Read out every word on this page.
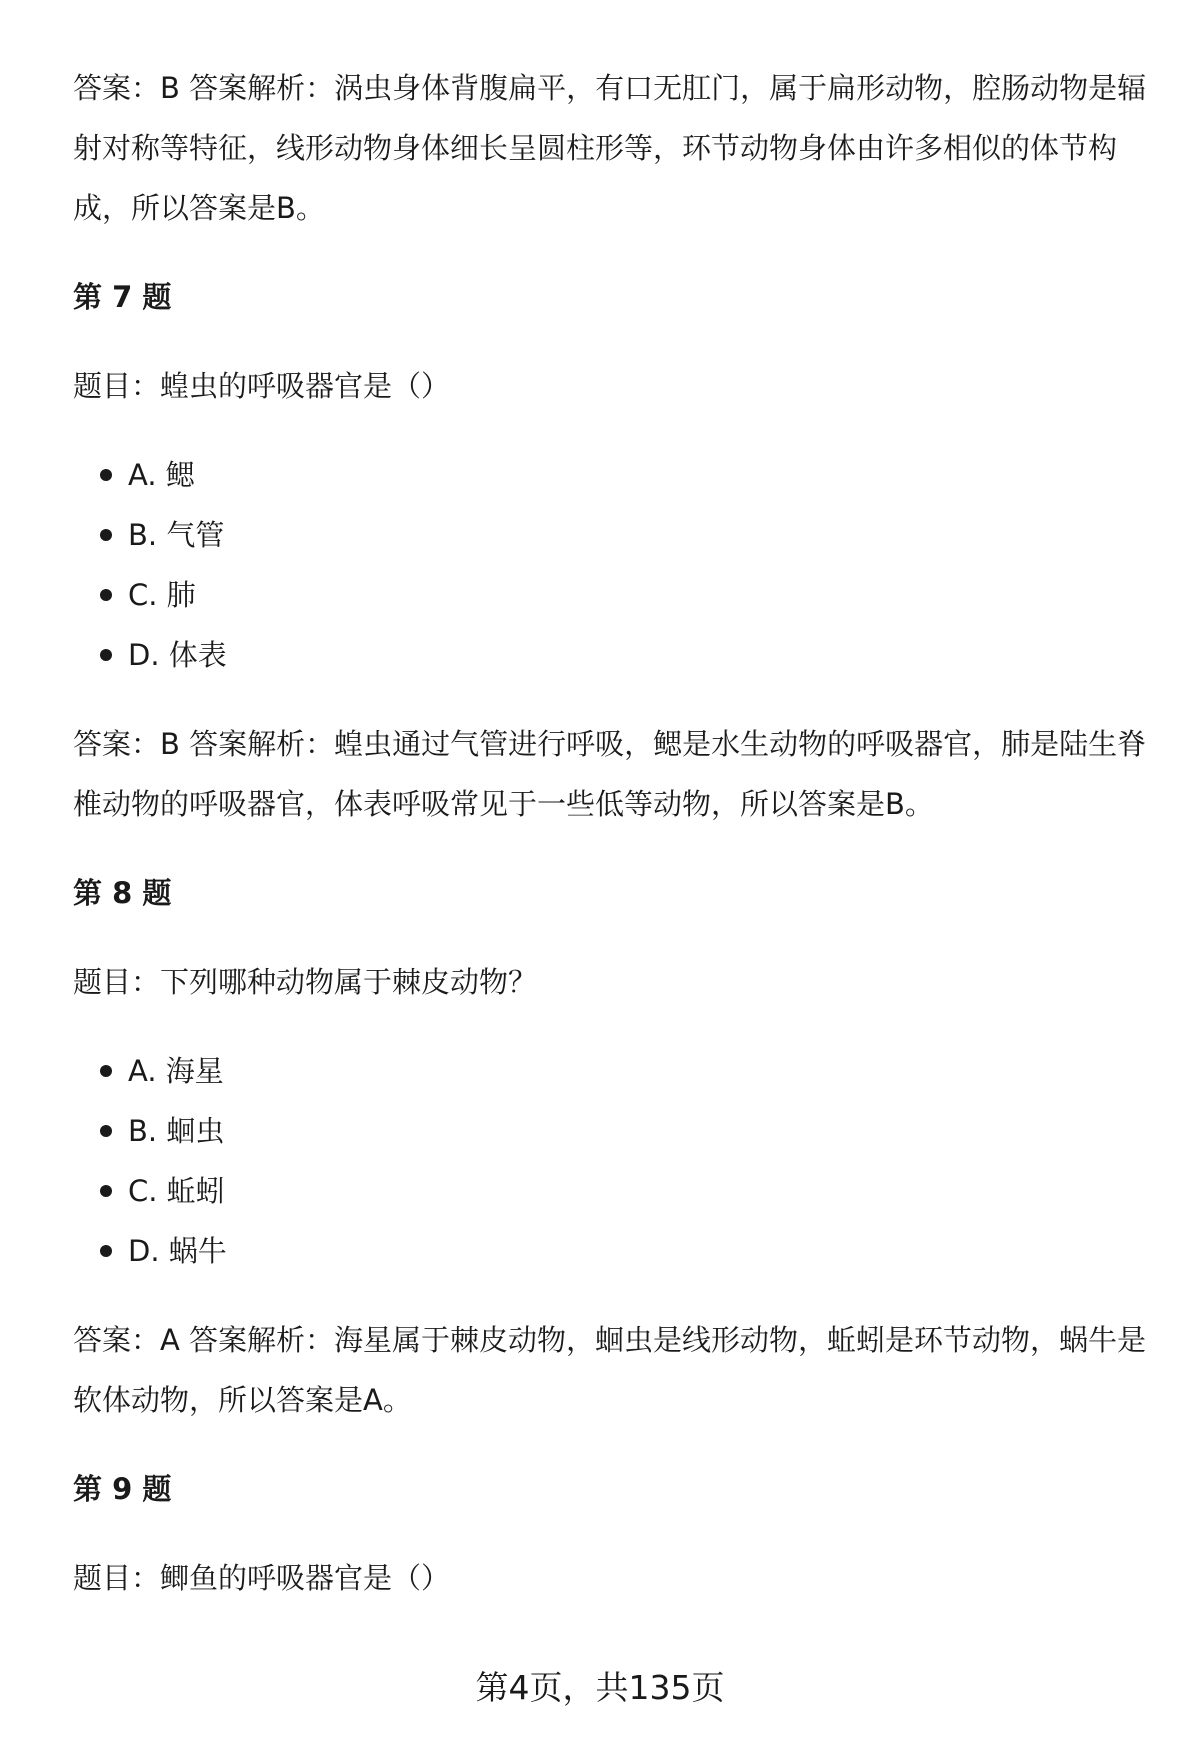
答案：B 答案解析：涡虫身体背腹扁平，有口无肛门，属于扁形动物，腔肠动物是辐射对称等特征，线形动物身体细长呈圆柱形等，环节动物身体由许多相似的体节构成，所以答案是B。

第 7 题

题目：蝗虫的呼吸器官是（）

A. 鳃
B. 气管
C. 肺
D. 体表

答案：B 答案解析：蝗虫通过气管进行呼吸，鳃是水生动物的呼吸器官，肺是陆生脊椎动物的呼吸器官，体表呼吸常见于一些低等动物，所以答案是B。

第 8 题

题目：下列哪种动物属于棘皮动物？

A. 海星
B. 蛔虫
C. 蚯蚓
D. 蜗牛

答案：A 答案解析：海星属于棘皮动物，蛔虫是线形动物，蚯蚓是环节动物，蜗牛是软体动物，所以答案是A。

第 9 题

题目：鲫鱼的呼吸器官是（）

第4页，共135页
